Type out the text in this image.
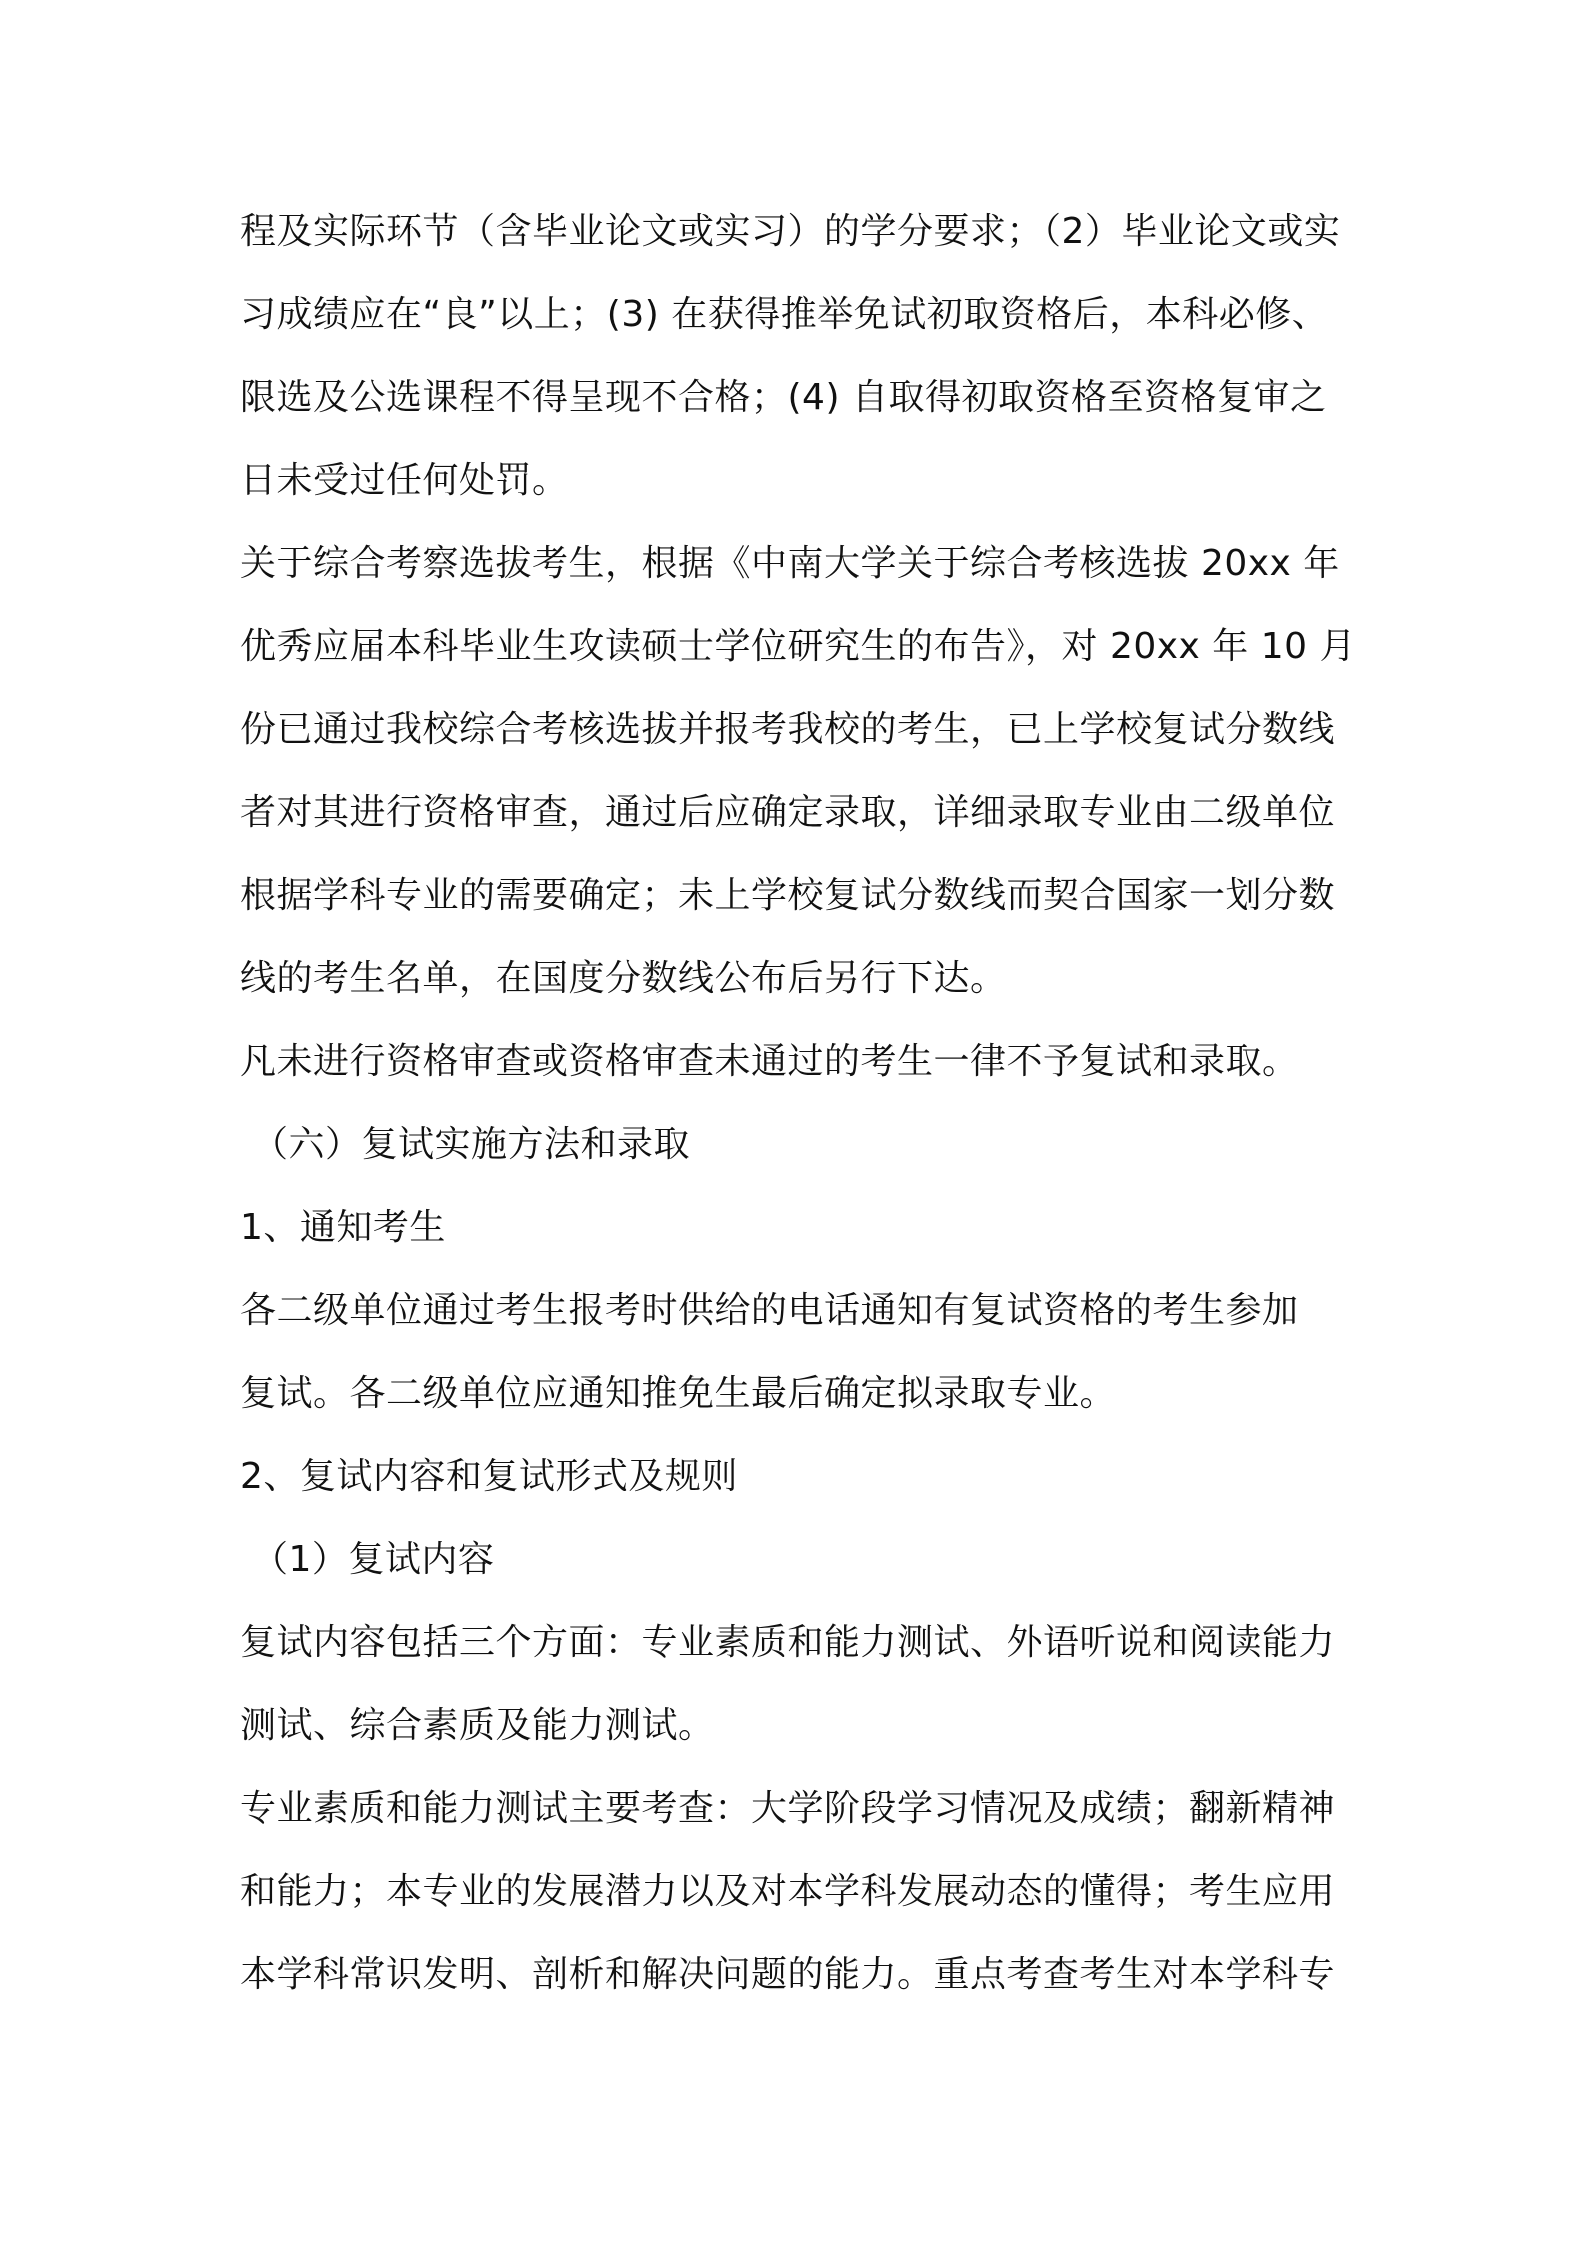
程及实际环节（含毕业论文或实习）的学分要求；（2）毕业论文或实
习成绩应在“良”以上；(3) 在获得推举免试初取资格后，本科必修、
限选及公选课程不得呈现不合格；(4) 自取得初取资格至资格复审之
日未受过任何处罚。
关于综合考察选拔考生，根据《中南大学关于综合考核选拔 20xx 年
优秀应届本科毕业生攻读硕士学位研究生的布告》，对 20xx 年 10 月
份已通过我校综合考核选拔并报考我校的考生，已上学校复试分数线
者对其进行资格审查，通过后应确定录取，详细录取专业由二级单位
根据学科专业的需要确定；未上学校复试分数线而契合国家一划分数
线的考生名单，在国度分数线公布后另行下达。
凡未进行资格审查或资格审查未通过的考生一律不予复试和录取。
（六）复试实施方法和录取
1、通知考生
各二级单位通过考生报考时供给的电话通知有复试资格的考生参加
复试。各二级单位应通知推免生最后确定拟录取专业。
2、复试内容和复试形式及规则
（1）复试内容
复试内容包括三个方面：专业素质和能力测试、外语听说和阅读能力
测试、综合素质及能力测试。
专业素质和能力测试主要考查：大学阶段学习情况及成绩；翻新精神
和能力；本专业的发展潜力以及对本学科发展动态的懂得；考生应用
本学科常识发明、剖析和解决问题的能力。重点考查考生对本学科专
